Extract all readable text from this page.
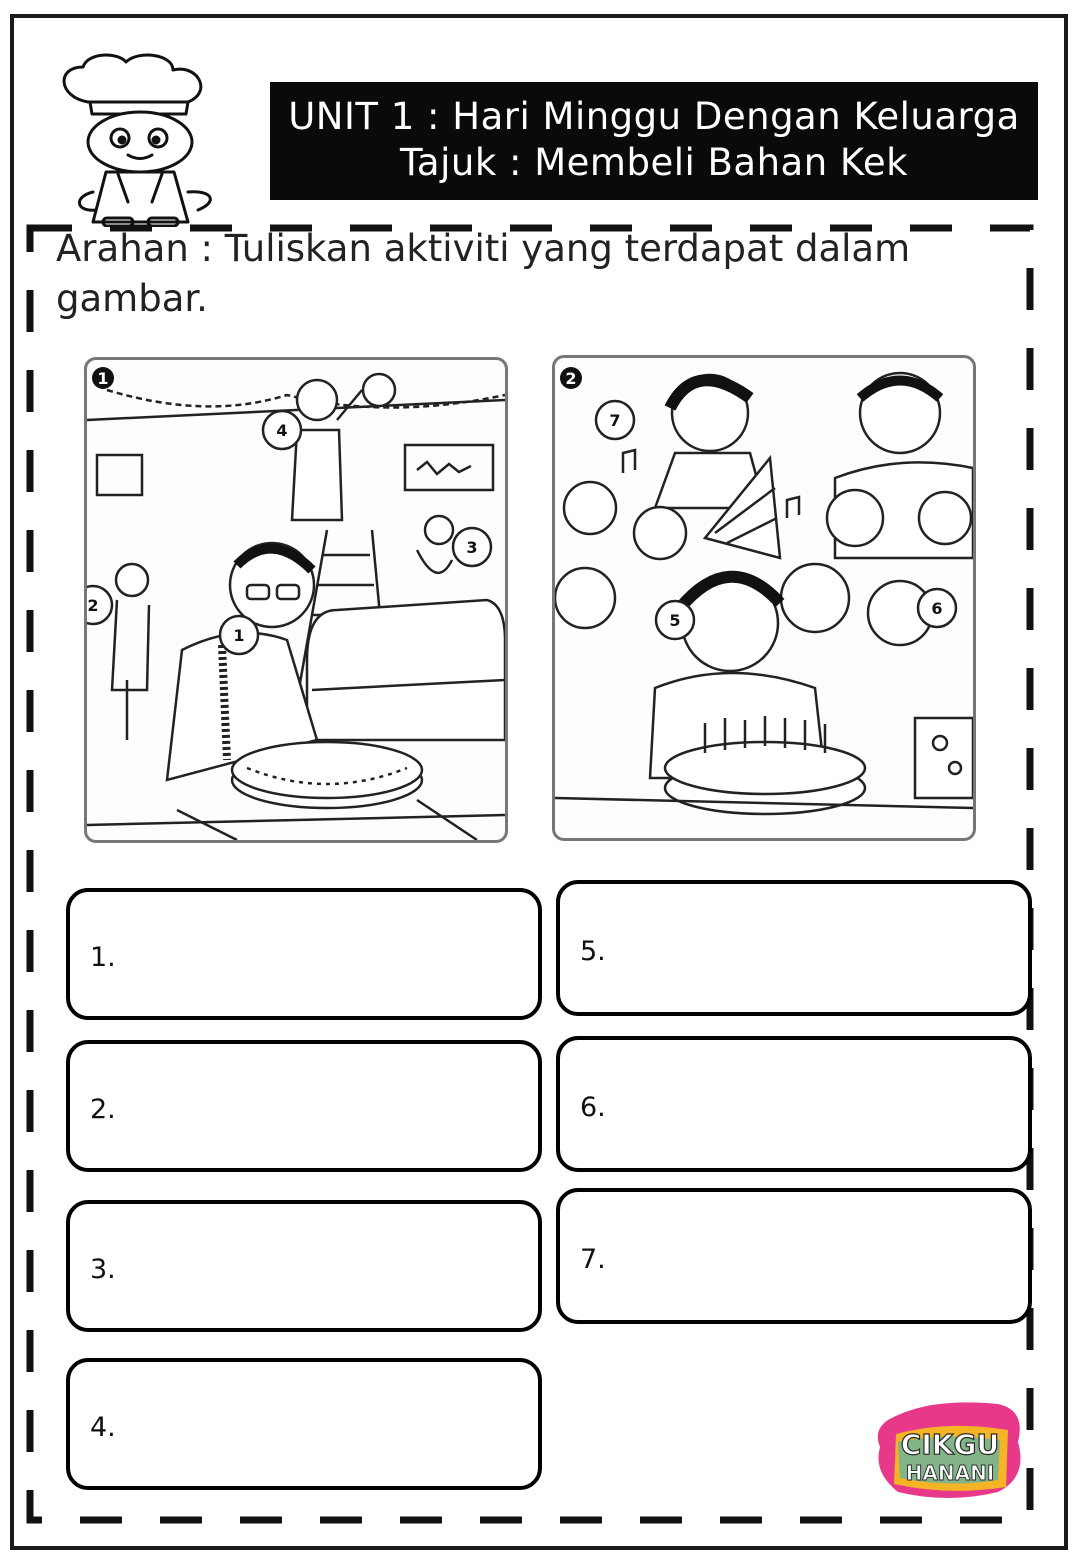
UNIT 1 : Hari Minggu Dengan Keluarga
Tajuk : Membeli Bahan Kek
Arahan : Tuliskan aktiviti yang terdapat dalam gambar.
1
1
2
3
4
2
5
6
7
1.
2.
3.
4.
5.
6.
7.
CIKGU
HANANI
